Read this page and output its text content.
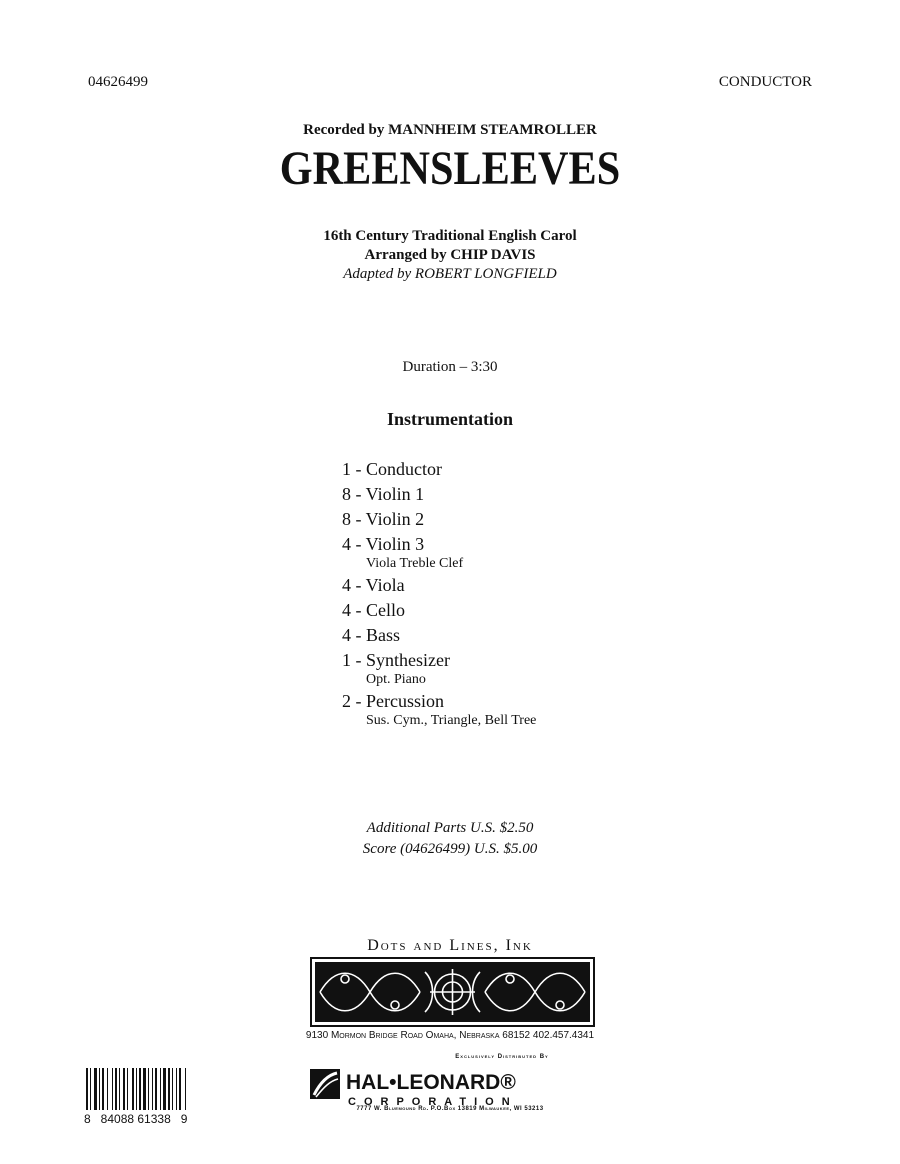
04626499	CONDUCTOR
Recorded by MANNHEIM STEAMROLLER
GREENSLEEVES
16th Century Traditional English Carol
Arranged by CHIP DAVIS
Adapted by ROBERT LONGFIELD
Duration – 3:30
Instrumentation
1 - Conductor
8 - Violin 1
8 - Violin 2
4 - Violin 3
Viola Treble Clef
4 - Viola
4 - Cello
4 - Bass
1 - Synthesizer
Opt. Piano
2 - Percussion
Sus. Cym., Triangle, Bell Tree
Additional Parts U.S. $2.50
Score (04626499) U.S. $5.00
Dots and Lines, Ink
9130 Mormon Bridge Road Omaha, Nebraska 68152 402.457.4341
8   84088 61338   9
Exclusively Distributed By
HAL•LEONARD®
CORPORATION
7777 W. Bluemound Rd. P.O.Box 13819 Milwaukee, WI 53213
